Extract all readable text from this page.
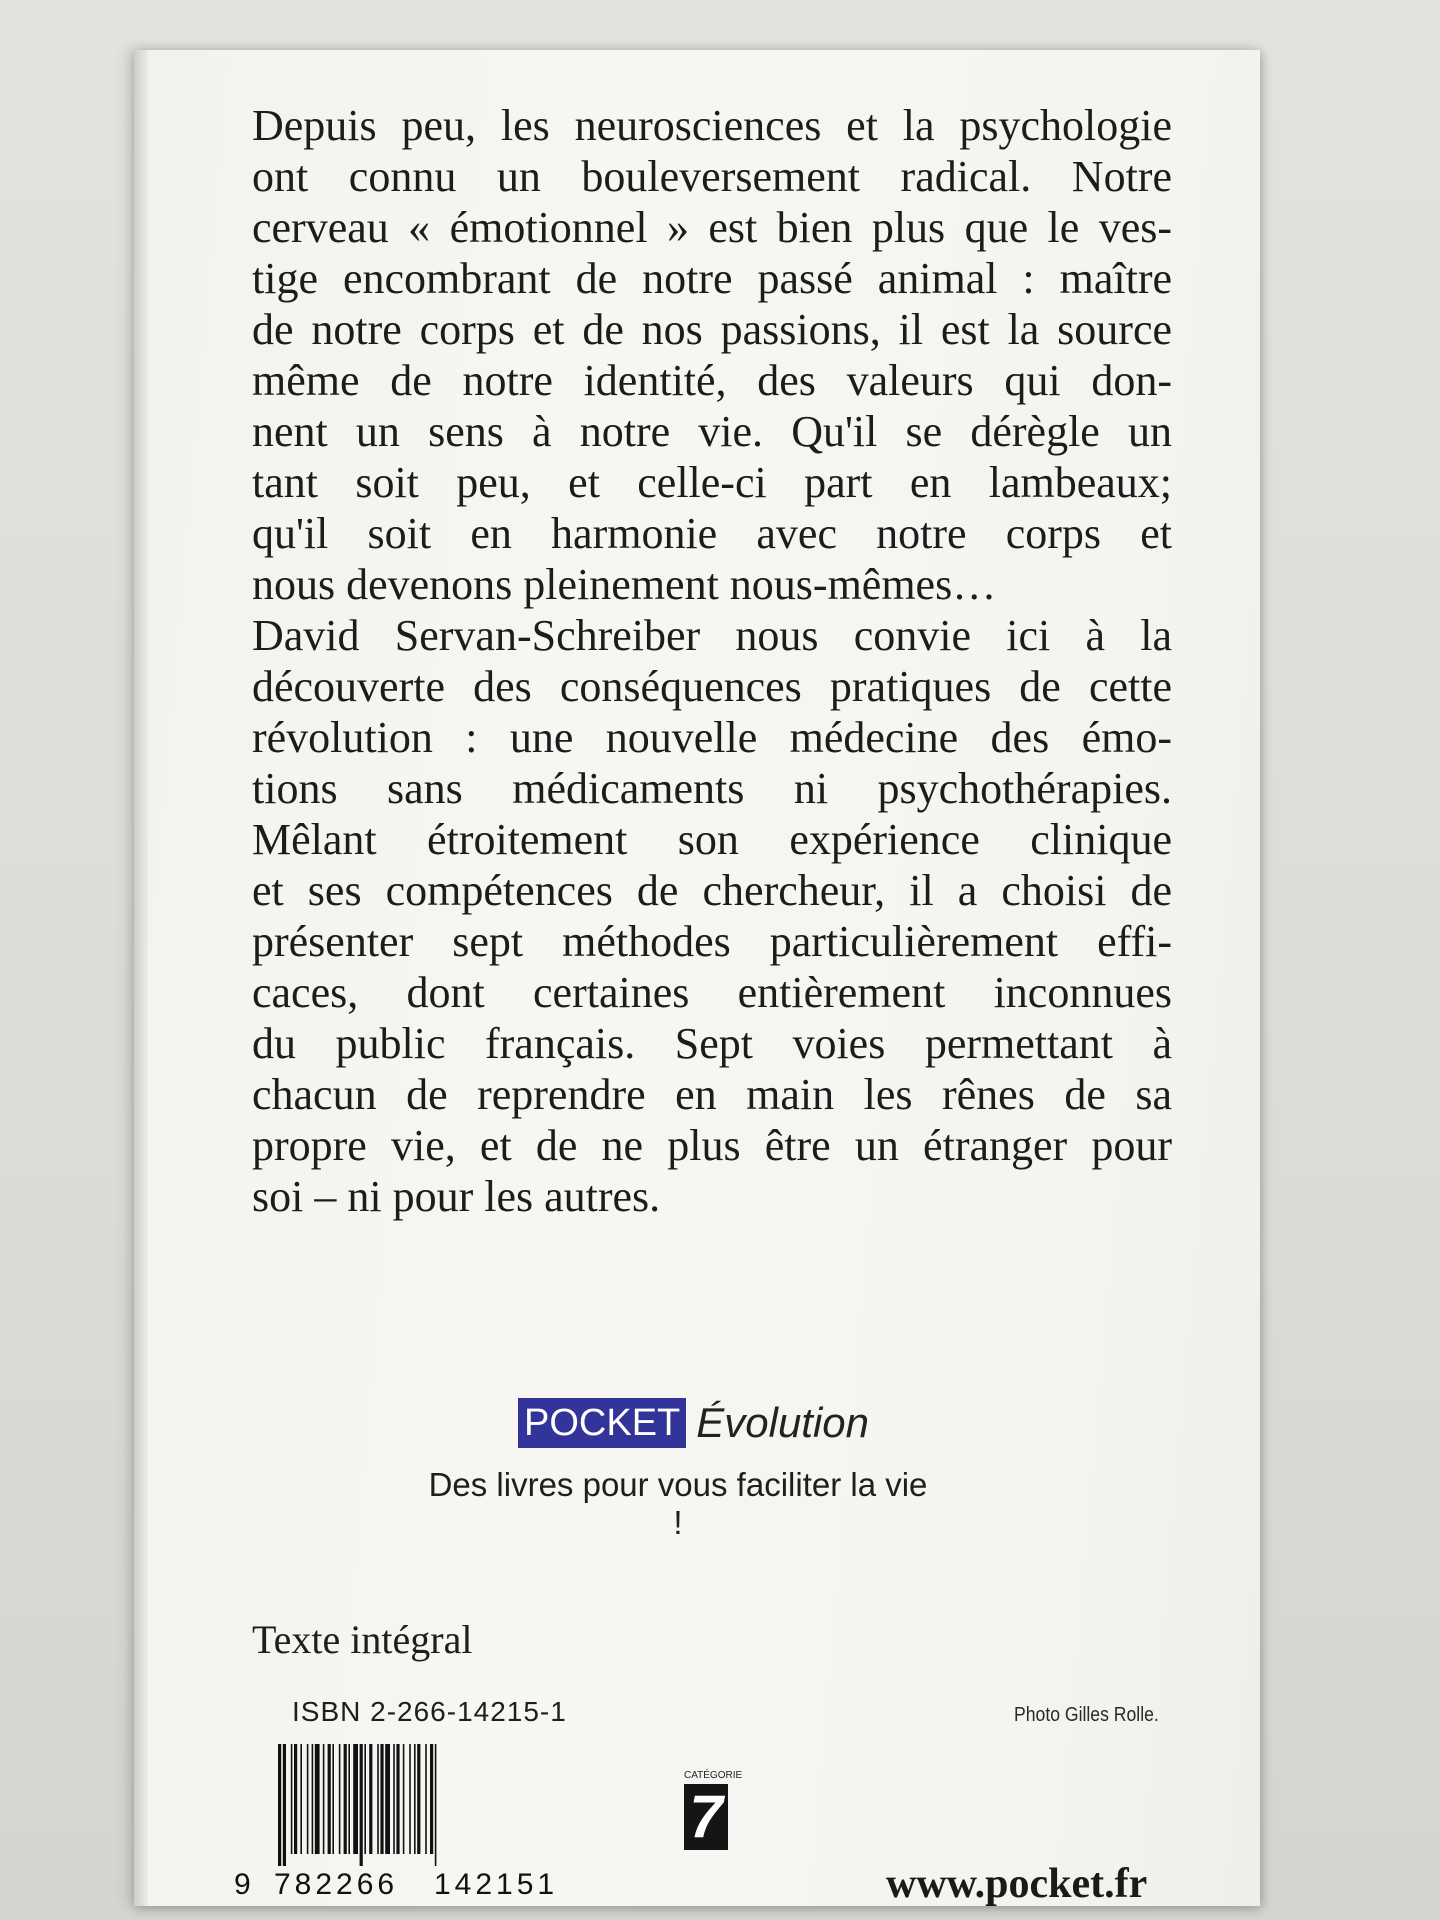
Depuis peu, les neurosciences et la psychologie
ont connu un bouleversement radical. Notre
cerveau « émotionnel » est bien plus que le ves-
tige encombrant de notre passé animal : maître
de notre corps et de nos passions, il est la source
même de notre identité, des valeurs qui don-
nent un sens à notre vie. Qu'il se dérègle un
tant soit peu, et celle-ci part en lambeaux;
qu'il soit en harmonie avec notre corps et
nous devenons pleinement nous-mêmes…
David Servan-Schreiber nous convie ici à la
découverte des conséquences pratiques de cette
révolution : une nouvelle médecine des émo-
tions sans médicaments ni psychothérapies.
Mêlant étroitement son expérience clinique
et ses compétences de chercheur, il a choisi de
présenter sept méthodes particulièrement effi-
caces, dont certaines entièrement inconnues
du public français. Sept voies permettant à
chacun de reprendre en main les rênes de sa
propre vie, et de ne plus être un étranger pour
soi – ni pour les autres.
POCKET Évolution
Des livres pour vous faciliter la vie !
Texte intégral
ISBN 2-266-14215-1	Photo Gilles Rolle.
9 782266 142151
CATÉGORIE
7
www.pocket.fr
